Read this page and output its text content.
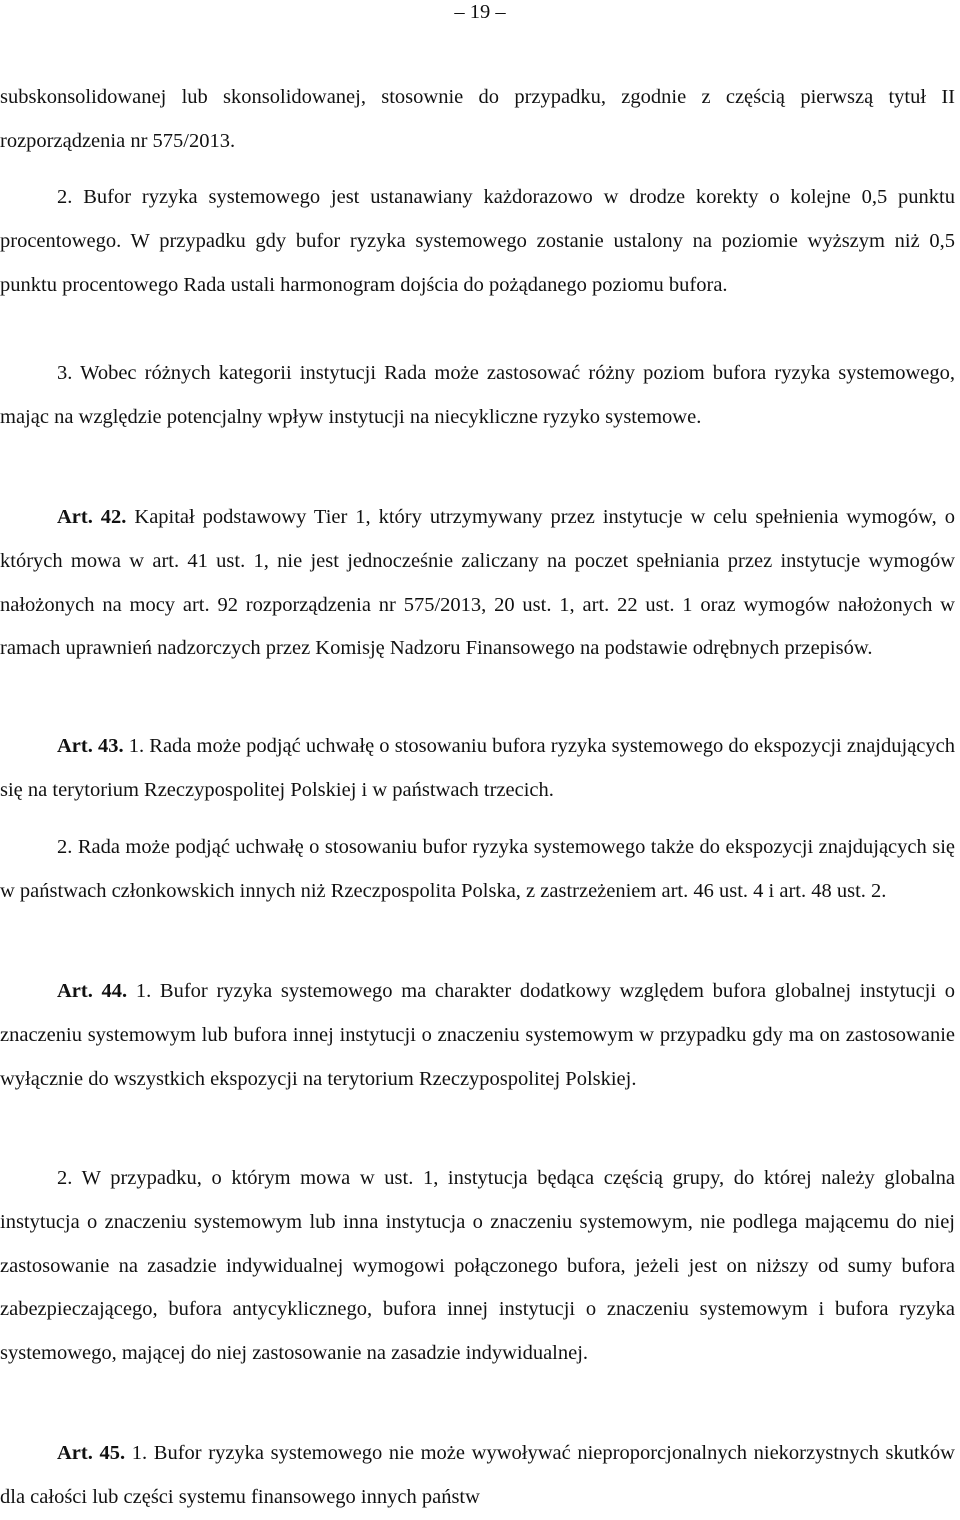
– 19 –

subskonsolidowanej lub skonsolidowanej, stosownie do przypadku, zgodnie z częścią pierwszą tytuł II rozporządzenia nr 575/2013.

2. Bufor ryzyka systemowego jest ustanawiany każdorazowo w drodze korekty o kolejne 0,5 punktu procentowego. W przypadku gdy bufor ryzyka systemowego zostanie ustalony na poziomie wyższym niż 0,5 punktu procentowego Rada ustali harmonogram dojścia do pożądanego poziomu bufora.

3. Wobec różnych kategorii instytucji Rada może zastosować różny poziom bufora ryzyka systemowego, mając na względzie potencjalny wpływ instytucji na niecykliczne ryzyko systemowe.

Art. 42. Kapitał podstawowy Tier 1, który utrzymywany przez instytucje w celu spełnienia wymogów, o których mowa w art. 41 ust. 1, nie jest jednocześnie zaliczany na poczet spełniania przez instytucje wymogów nałożonych na mocy art. 92 rozporządzenia nr 575/2013, 20 ust. 1, art. 22 ust. 1 oraz wymogów nałożonych w ramach uprawnień nadzorczych przez Komisję Nadzoru Finansowego na podstawie odrębnych przepisów.

Art. 43. 1. Rada może podjąć uchwałę o stosowaniu bufora ryzyka systemowego do ekspozycji znajdujących się na terytorium Rzeczypospolitej Polskiej i w państwach trzecich.

2. Rada może podjąć uchwałę o stosowaniu bufor ryzyka systemowego także do ekspozycji znajdujących się w państwach członkowskich innych niż Rzeczpospolita Polska, z zastrzeżeniem art. 46 ust. 4 i art. 48 ust. 2.

Art. 44. 1. Bufor ryzyka systemowego ma charakter dodatkowy względem bufora globalnej instytucji o znaczeniu systemowym lub bufora innej instytucji o znaczeniu systemowym w przypadku gdy ma on zastosowanie wyłącznie do wszystkich ekspozycji na terytorium Rzeczypospolitej Polskiej.

2. W przypadku, o którym mowa w ust. 1, instytucja będąca częścią grupy, do której należy globalna instytucja o znaczeniu systemowym lub inna instytucja o znaczeniu systemowym, nie podlega mającemu do niej zastosowanie na zasadzie indywidualnej wymogowi połączonego bufora, jeżeli jest on niższy od sumy bufora zabezpieczającego, bufora antycyklicznego, bufora innej instytucji o znaczeniu systemowym i bufora ryzyka systemowego, mającej do niej zastosowanie na zasadzie indywidualnej.

Art. 45. 1. Bufor ryzyka systemowego nie może wywoływać nieproporcjonalnych niekorzystnych skutków dla całości lub części systemu finansowego innych państw
